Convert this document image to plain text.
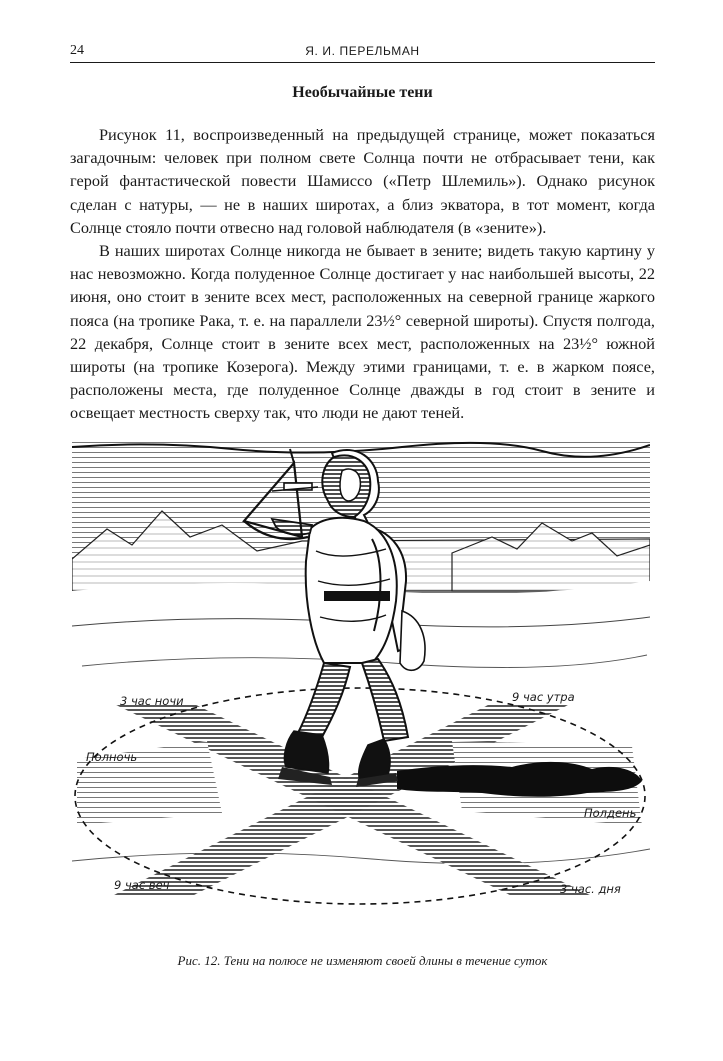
24	Я. И. ПЕРЕЛЬМАН
Необычайные тени

Рисунок 11, воспроизведенный на предыдущей странице, может показаться загадочным: человек при полном свете Солнца почти не отбрасывает тени, как герой фантастической повести Шамиссо («Петр Шлемиль»). Однако рисунок сделан с натуры, — не в наших широтах, а близ экватора, в тот момент, когда Солнце стояло почти отвесно над головой наблюдателя (в «зените»).

В наших широтах Солнце никогда не бывает в зените; видеть такую картину у нас невозможно. Когда полуденное Солнце достигает у нас наибольшей высоты, 22 июня, оно стоит в зените всех мест, расположенных на северной границе жаркого пояса (на тропике Рака, т. е. на параллели 23½° северной широты). Спустя полгода, 22 декабря, Солнце стоит в зените всех мест, расположенных на 23½° южной широты (на тропике Козерога). Между этими границами, т. е. в жарком поясе, расположены места, где полуденное Солнце дважды в год стоит в зените и освещает местность сверху так, что люди не дают теней.

3 час ночи	9 час утра
Полночь
Полдень
9 час веч	3 час. дня
Рис. 12. Тени на полюсе не изменяют своей длины в течение суток
